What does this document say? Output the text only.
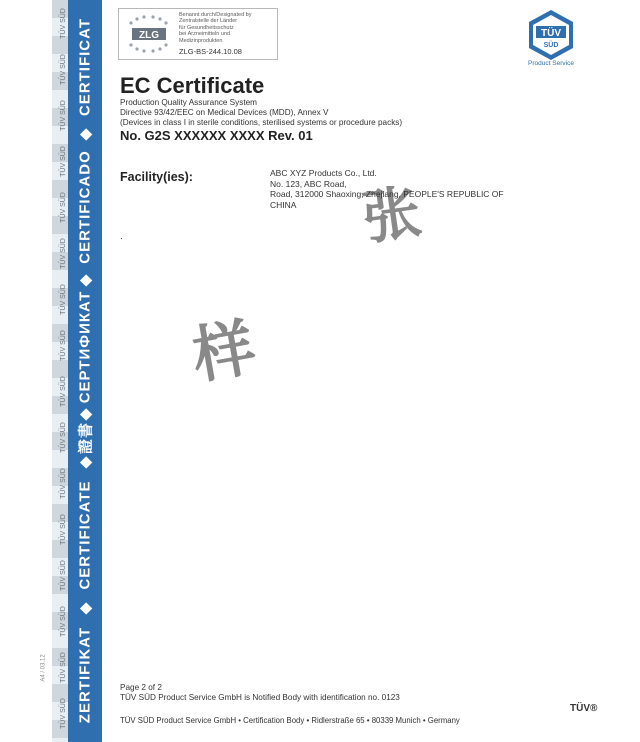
A4 / 03.12
TÜV SÜD
TÜV SÜD
TÜV SÜD
TÜV SÜD
TÜV SÜD
TÜV SÜD
TÜV SÜD
TÜV SÜD
TÜV SÜD
TÜV SÜD
TÜV SÜD
TÜV SÜD
TÜV SÜD
TÜV SÜD
TÜV SÜD
TÜV SÜD ZERTIFIKAT
◆
CERTIFICATE
◆
證書
◆
СЕРТИФИКАТ
◆
CERTIFICADO
◆
CERTIFICAT	ZLG
Benannt durch/Designated by
Zentralstelle der Länder
für Gesundheitsschutz
bei Arzneimitteln und
Medizinprodukten
ZLG-BS-244.10.08
TÜV
SÜD
Product Service
EC Certificate
Production Quality Assurance System
Directive 93/42/EEC on Medical Devices (MDD), Annex V
(Devices in class I in sterile conditions, sterilised systems or procedure packs)
No. G2S XXXXXX XXXX Rev. 01
Facility(ies):	ABC XYZ Products Co., Ltd.
No. 123, ABC Road,
Road, 312000 Shaoxing, Zhejiang, PEOPLE'S REPUBLIC OF
CHINA
.	张
样
Page 2 of 2
TÜV SÜD Product Service GmbH is Notified Body with identification no. 0123
TÜV SÜD Product Service GmbH • Certification Body • Ridlerstraße 65 • 80339 Munich • Germany
TÜV®
